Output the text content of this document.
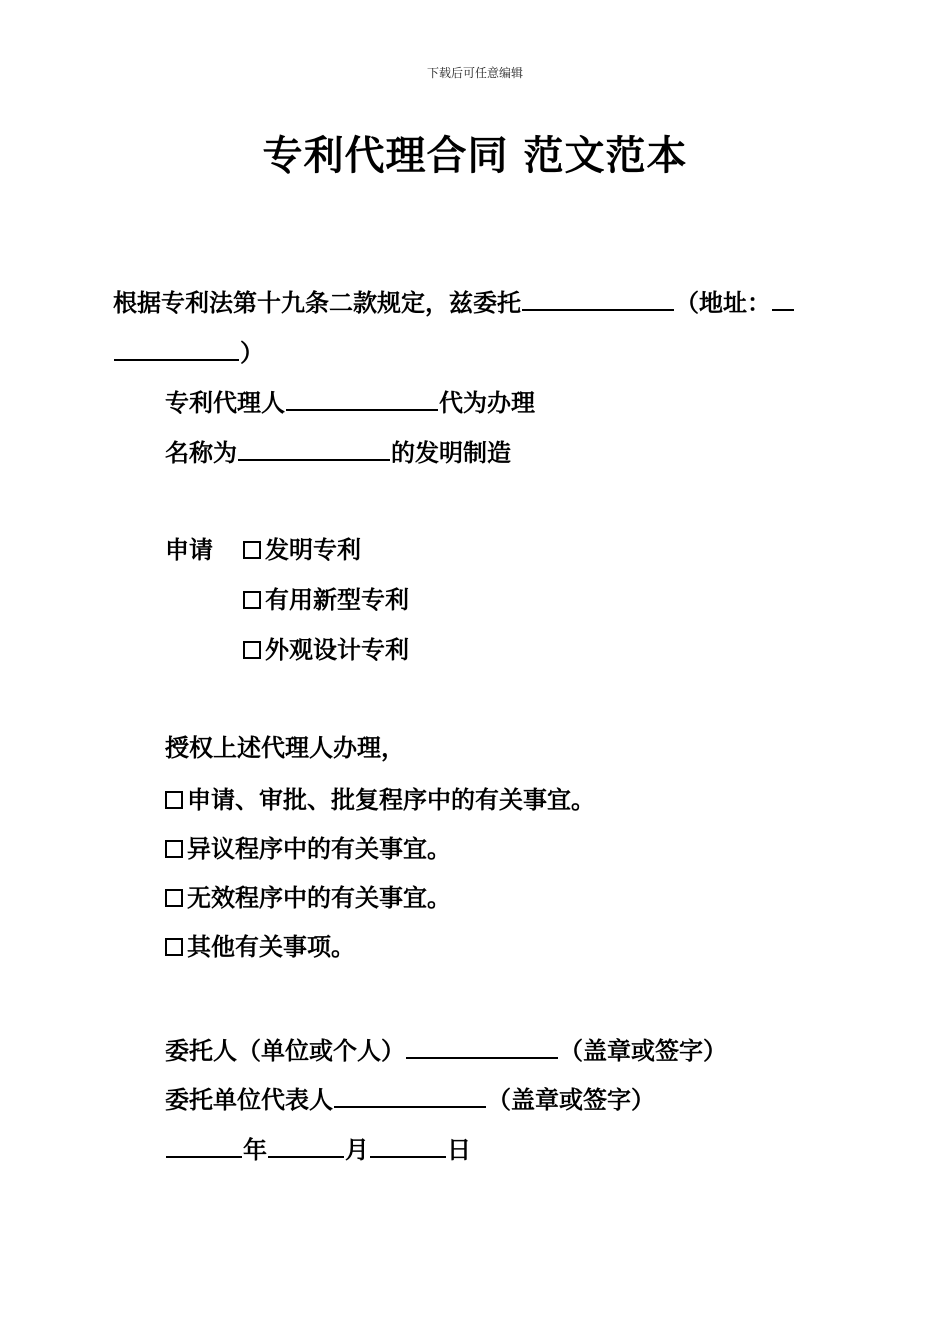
下载后可任意编辑
专利代理合同 范文范本
根据专利法第十九条二款规定，兹委托	（地址：
）
专利代理人	代为办理
名称为	的发明制造
申请	发明专利
有用新型专利
外观设计专利
授权上述代理人办理，
申请、审批、批复程序中的有关事宜。
异议程序中的有关事宜。
无效程序中的有关事宜。
其他有关事项。
委托人（单位或个人）	（盖章或签字）
委托单位代表人	（盖章或签字）
年	月	日
